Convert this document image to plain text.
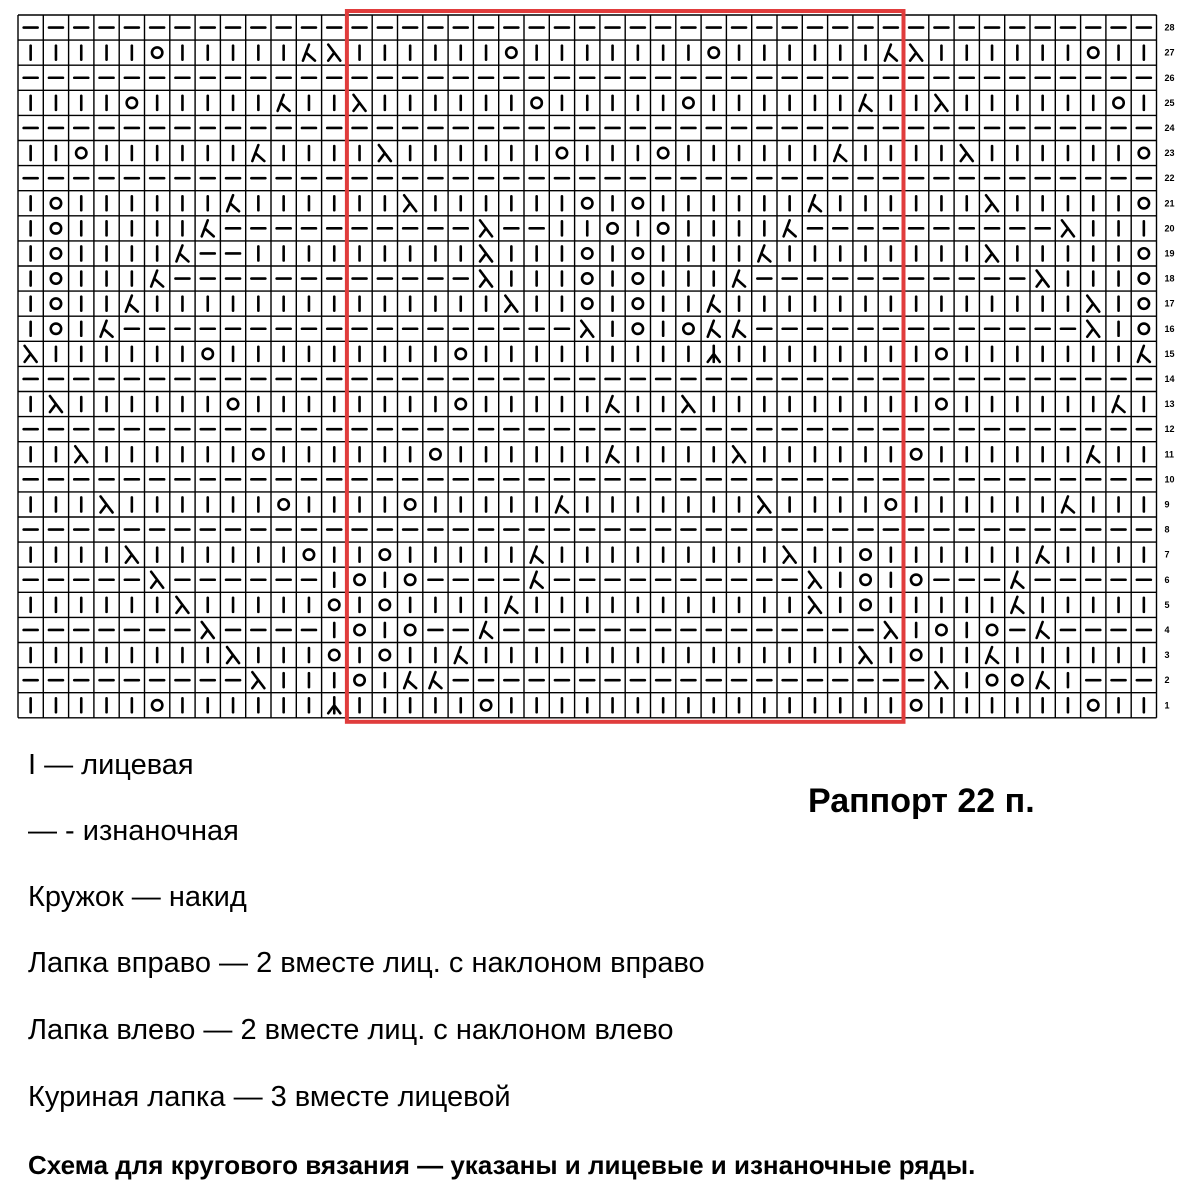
28
27
26
25
24
23
22
21
20
19
18
17
16
15
14
13
12
11
10
9
8
7
6
5
4
3
2
1
I — лицевая
— - изнаночная
Кружок — накид
Лапка вправо — 2 вместе лиц. с наклоном вправо
Лапка влево — 2 вместе лиц. с наклоном влево
Куриная лапка — 3 вместе лицевой
Раппорт 22 п.
Схема для кругового вязания — указаны и лицевые и изнаночные ряды.
